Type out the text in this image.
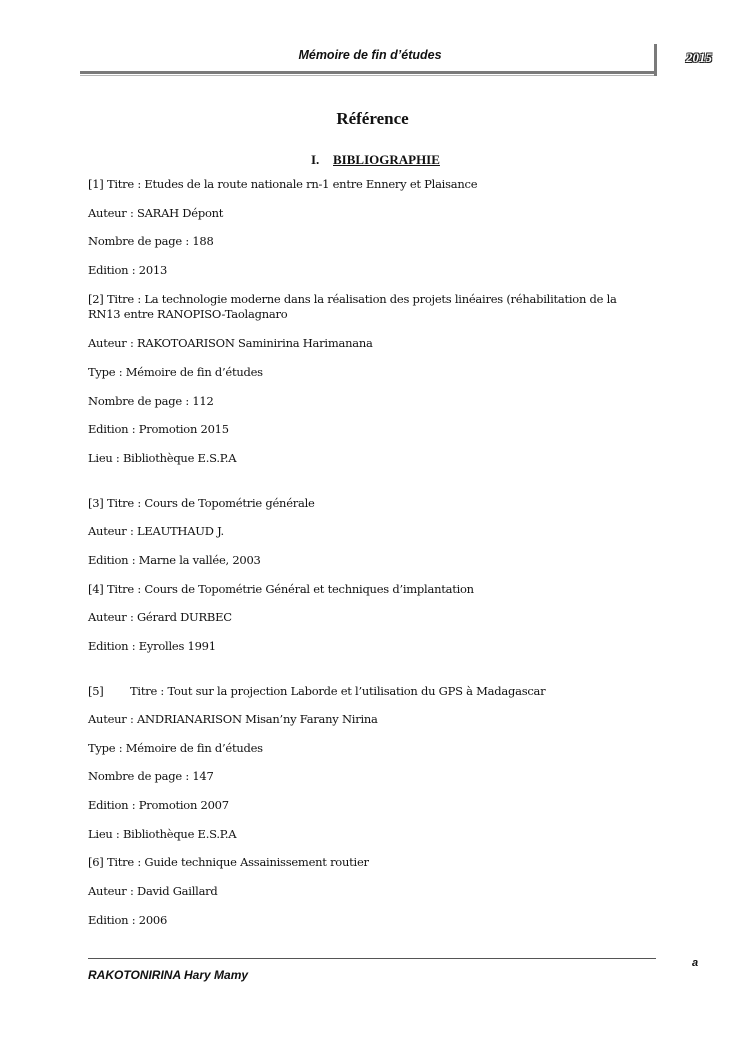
Mémoire de fin d’études	2015
Référence
I. BIBLIOGRAPHIE
[1] Titre : Etudes de la route nationale rn-1 entre Ennery et Plaisance
Auteur : SARAH Dépont
Nombre de page : 188
Edition : 2013
[2] Titre : La technologie moderne dans la réalisation des projets linéaires (réhabilitation de la RN13 entre RANOPISO-Taolagnaro
Auteur : RAKOTOARISON Saminirina Harimanana
Type : Mémoire de fin d’études
Nombre de page : 112
Edition : Promotion 2015
Lieu : Bibliothèque E.S.P.A
[3] Titre : Cours de Topométrie générale
Auteur : LEAUTHAUD J.
Edition : Marne la vallée, 2003
[4] Titre : Cours de Topométrie Général et techniques d’implantation
Auteur : Gérard DURBEC
Edition : Eyrolles 1991
[5] Titre : Tout sur la projection Laborde et l’utilisation du GPS à Madagascar
Auteur : ANDRIANARISON Misan’ny Farany Nirina
Type : Mémoire de fin d’études
Nombre de page : 147
Edition : Promotion 2007
Lieu : Bibliothèque E.S.P.A
[6] Titre : Guide technique Assainissement routier
Auteur : David Gaillard
Edition : 2006
RAKOTONIRINA Hary Mamy
a
